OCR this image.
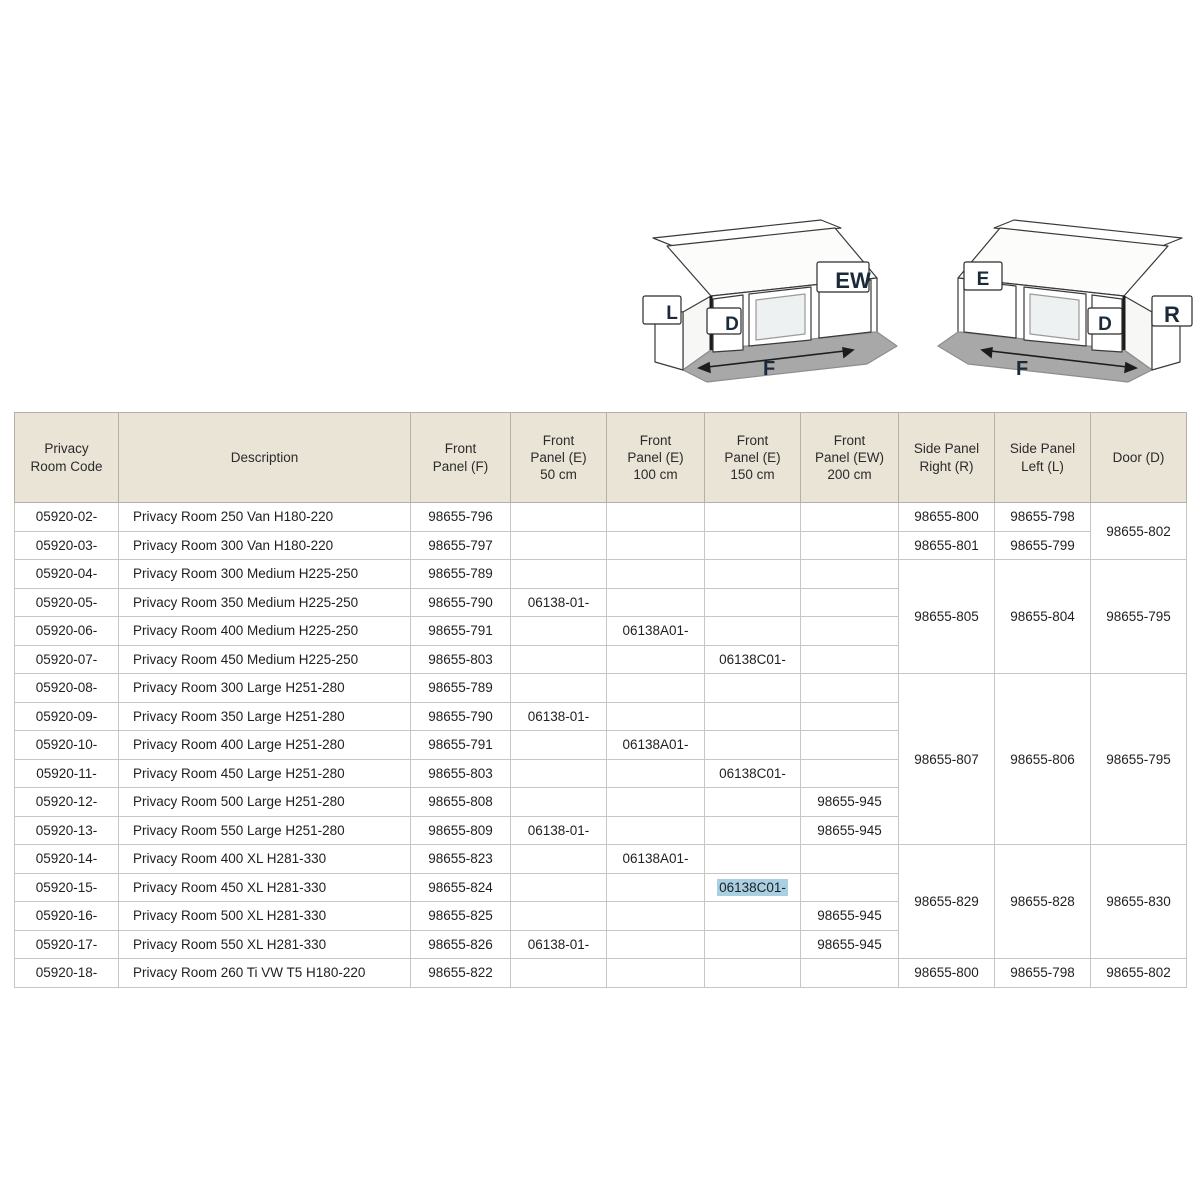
L
D
EW
F
E
D	R
F
Privacy
Room Code	Description	Front
Panel (F)	Front
Panel (E)
50 cm	Front
Panel (E)
100 cm	Front
Panel (E)
150 cm	Front
Panel (EW)
200 cm	Side Panel
Right (R)	Side Panel
Left (L)	Door (D)
05920-02-	Privacy Room 250 Van H180-220	98655-796					98655-800	98655-798	98655-802
05920-03-	Privacy Room 300 Van H180-220	98655-797					98655-801	98655-799	
05920-04-	Privacy Room 300 Medium H225-250	98655-789					98655-805	98655-804	98655-795
05920-05-	Privacy Room 350 Medium H225-250	98655-790	06138-01-						
05920-06-	Privacy Room 400 Medium H225-250	98655-791		06138A01-					
05920-07-	Privacy Room 450 Medium H225-250	98655-803			06138C01-				
05920-08-	Privacy Room 300 Large H251-280	98655-789					98655-807	98655-806	98655-795
05920-09-	Privacy Room 350 Large H251-280	98655-790	06138-01-						
05920-10-	Privacy Room 400 Large H251-280	98655-791		06138A01-					
05920-11-	Privacy Room 450 Large H251-280	98655-803			06138C01-				
05920-12-	Privacy Room 500 Large H251-280	98655-808				98655-945			
05920-13-	Privacy Room 550 Large H251-280	98655-809	06138-01-			98655-945			
05920-14-	Privacy Room 400 XL H281-330	98655-823		06138A01-			98655-829	98655-828	98655-830
05920-15-	Privacy Room 450 XL H281-330	98655-824			06138C01-				
05920-16-	Privacy Room 500 XL H281-330	98655-825				98655-945			
05920-17-	Privacy Room 550 XL H281-330	98655-826	06138-01-			98655-945			
05920-18-	Privacy Room 260 Ti VW T5 H180-220	98655-822					98655-800	98655-798	98655-802
